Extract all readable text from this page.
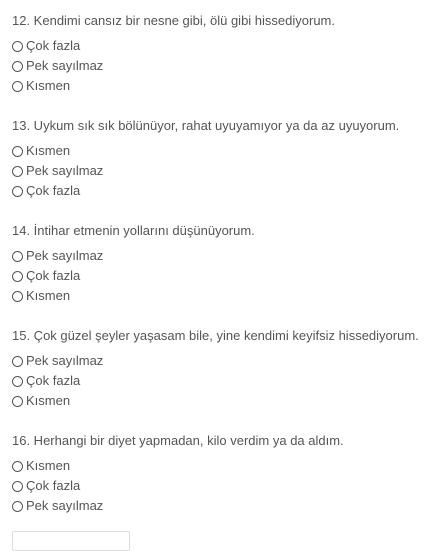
12. Kendimi cansız bir nesne gibi, ölü gibi hissediyorum.
Çok fazla
Pek sayılmaz
Kısmen
13. Uykum sık sık bölünüyor, rahat uyuyamıyor ya da az uyuyorum.
Kısmen
Pek sayılmaz
Çok fazla
14. İntihar etmenin yollarını düşünüyorum.
Pek sayılmaz
Çok fazla
Kısmen
15. Çok güzel şeyler yaşasam bile, yine kendimi keyifsiz hissediyorum.
Pek sayılmaz
Çok fazla
Kısmen
16. Herhangi bir diyet yapmadan, kilo verdim ya da aldım.
Kısmen
Çok fazla
Pek sayılmaz
